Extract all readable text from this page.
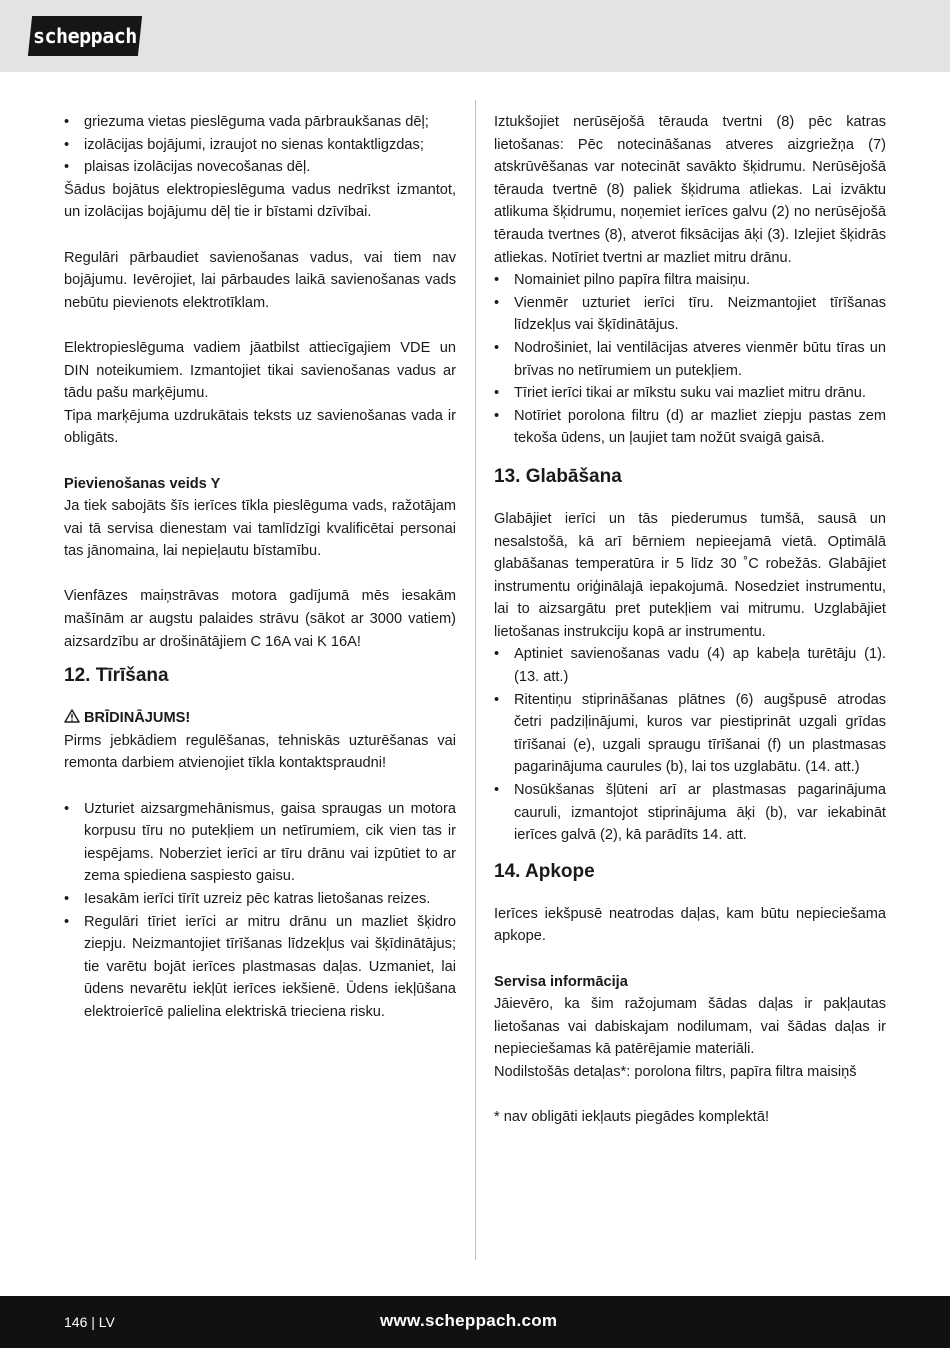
scheppach
• griezuma vietas pieslēguma vada pārbraukšanas dēļ;
• izolācijas bojājumi, izraujot no sienas kontaktligzdas;
• plaisas izolācijas novecošanas dēļ.

Šādus bojātus elektropieslēguma vadus nedrīkst izmantot, un izolācijas bojājumu dēļ tie ir bīstami dzīvībai.

Regulāri pārbaudiet savienošanas vadus, vai tiem nav bojājumu. Ievērojiet, lai pārbaudes laikā savienošanas vads nebūtu pievienots elektrotīklam.

Elektropieslēguma vadiem jāatbilst attiecīgajiem VDE un DIN noteikumiem. Izmantojiet tikai savienošanas vadus ar tādu pašu marķējumu.

Tipa marķējuma uzdrukātais teksts uz savienošanas vada ir obligāts.

Pievienošanas veids Y

Ja tiek sabojāts šīs ierīces tīkla pieslēguma vads, ražotājam vai tā servisa dienestam vai tamlīdzīgi kvalificētai personai tas jānomaina, lai nepieļautu bīstamību.

Vienfāzes maiņstrāvas motora gadījumā mēs iesakām mašīnām ar augstu palaides strāvu (sākot ar 3000 vatiem) aizsardzību ar drošinātājiem C 16A vai K 16A!

12. Tīrīšana

BRĪDINĀJUMS!

Pirms jebkādiem regulēšanas, tehniskās uzturēšanas vai remonta darbiem atvienojiet tīkla kontaktspraudni!

• Uzturiet aizsargmehānismus, gaisa spraugas un motora korpusu tīru no putekļiem un netīrumiem, cik vien tas ir iespējams. Noberziet ierīci ar tīru drānu vai izpūtiet to ar zema spiediena saspiesto gaisu.
• Iesakām ierīci tīrīt uzreiz pēc katras lietošanas reizes.
• Regulāri tīriet ierīci ar mitru drānu un mazliet šķidro ziepju. Neizmantojiet tīrīšanas līdzekļus vai šķīdinātājus; tie varētu bojāt ierīces plastmasas daļas. Uzmaniet, lai ūdens nevarētu iekļūt ierīces iekšienē. Ūdens iekļūšana elektroierīcē palielina elektriskā trieciena risku.

Iztukšojiet nerūsējošā tērauda tvertni (8) pēc katras lietošanas: Pēc notecināšanas atveres aizgriežņa (7) atskrūvēšanas var notecināt savākto šķidrumu. Nerūsējošā tērauda tvertnē (8) paliek šķidruma atliekas. Lai izvāktu atlikuma šķidrumu, noņemiet ierīces galvu (2) no nerūsējošā tērauda tvertnes (8), atverot fiksācijas āķi (3). Izlejiet šķidrās atliekas. Notīriet tvertni ar mazliet mitru drānu.

• Nomainiet pilno papīra filtra maisiņu.
• Vienmēr uzturiet ierīci tīru. Neizmantojiet tīrīšanas līdzekļus vai šķīdinātājus.
• Nodrošiniet, lai ventilācijas atveres vienmēr būtu tīras un brīvas no netīrumiem un putekļiem.
• Tīriet ierīci tikai ar mīkstu suku vai mazliet mitru drānu.
• Notīriet porolona filtru (d) ar mazliet ziepju pastas zem tekoša ūdens, un ļaujiet tam nožūt svaigā gaisā.
13. Glabāšana

Glabājiet ierīci un tās piederumus tumšā, sausā un nesalstošā, kā arī bērniem nepieejamā vietā. Optimālā glabāšanas temperatūra ir 5 līdz 30 ˚C robežās. Glabājiet instrumentu oriģinālajā iepakojumā. Nosedziet instrumentu, lai to aizsargātu pret putekļiem vai mitrumu. Uzglabājiet lietošanas instrukciju kopā ar instrumentu.

• Aptiniet savienošanas vadu (4) ap kabeļa turētāju (1). (13. att.)
• Ritentiņu stiprināšanas plātnes (6) augšpusē atrodas četri padziļinājumi, kuros var piestiprināt uzgali grīdas tīrīšanai (e), uzgali spraugu tīrīšanai (f) un plastmasas pagarinājuma caurules (b), lai tos uzglabātu. (14. att.)
• Nosūkšanas šļūteni arī ar plastmasas pagarinājuma cauruli, izmantojot stiprinājuma āķi (b), var iekabināt ierīces galvā (2), kā parādīts 14. att.
14. Apkope

Ierīces iekšpusē neatrodas daļas, kam būtu nepieciešama apkope.

Servisa informācija

Jāievēro, ka šim ražojumam šādas daļas ir pakļautas lietošanas vai dabiskajam nodilumam, vai šādas daļas ir nepieciešamas kā patērējamie materiāli.

Nodilstošās detaļas*: porolona filtrs, papīra filtra maisiņš

* nav obligāti iekļauts piegādes komplektā!

146 | LV	www.scheppach.com
